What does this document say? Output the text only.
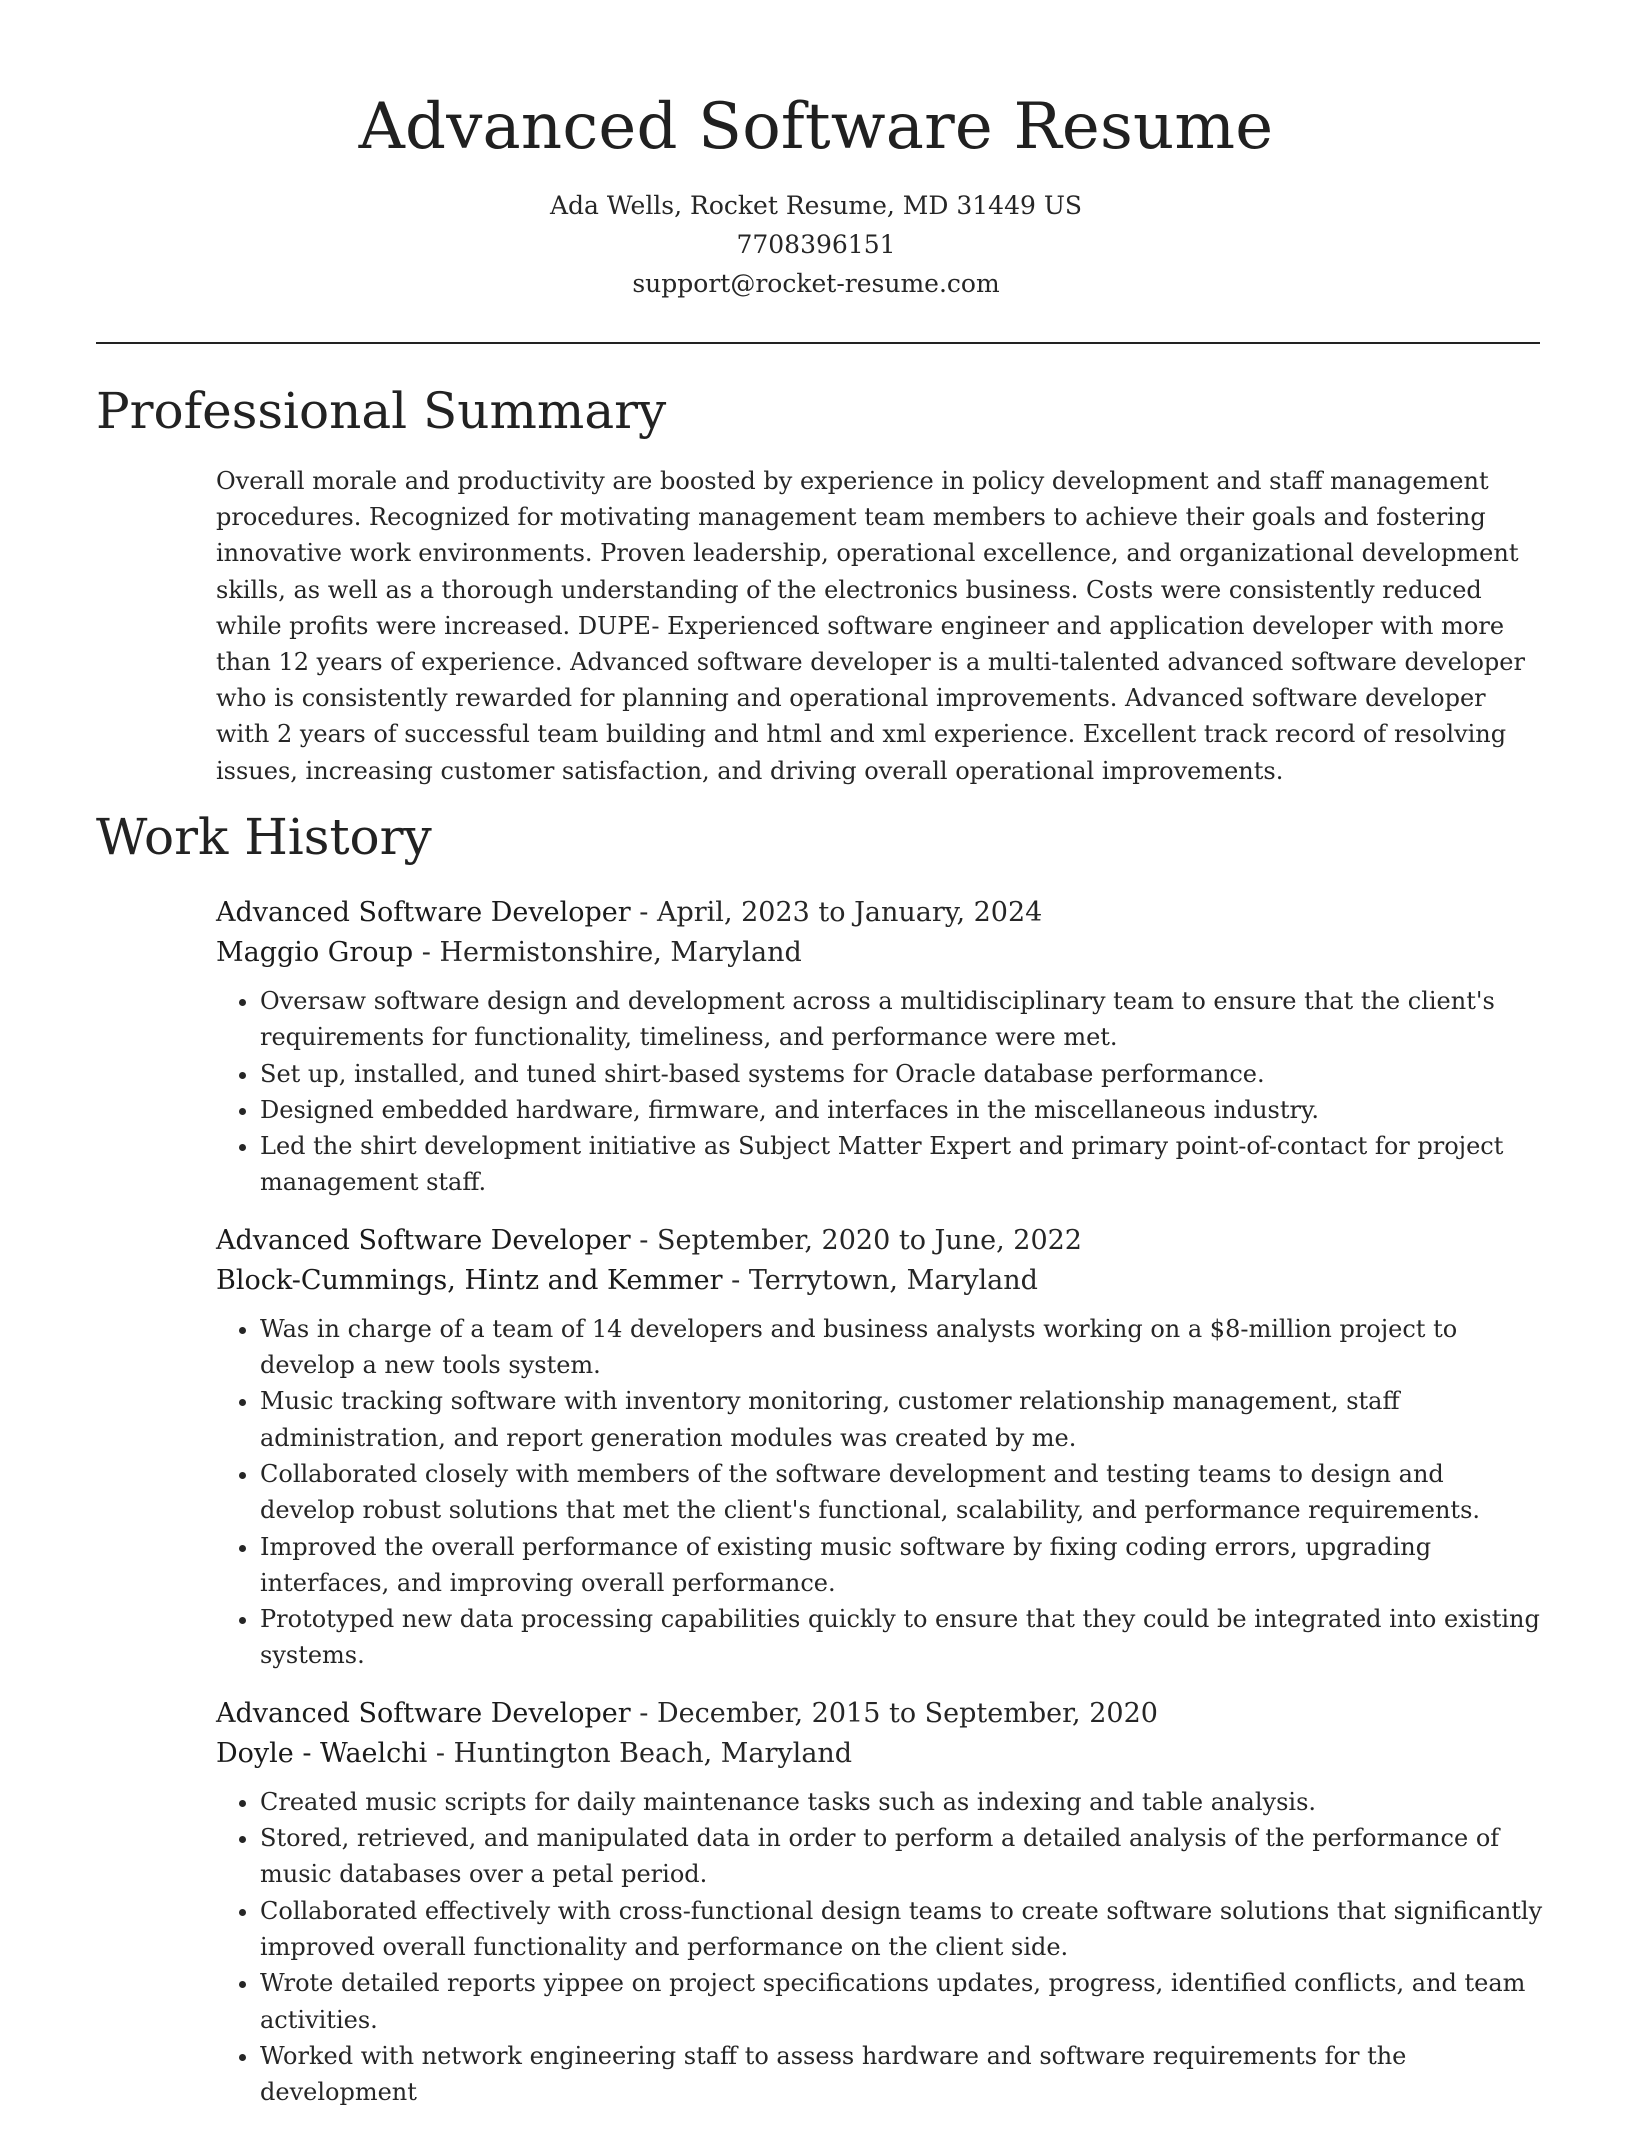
Advanced Software Resume

Ada Wells, Rocket Resume, MD 31449 US

7708396151

support@rocket-resume.com

Professional Summary

Overall morale and productivity are boosted by experience in policy development and staff management procedures. Recognized for motivating management team members to achieve their goals and fostering innovative work environments. Proven leadership, operational excellence, and organizational development skills, as well as a thorough understanding of the electronics business. Costs were consistently reduced while profits were increased. DUPE- Experienced software engineer and application developer with more than 12 years of experience. Advanced software developer is a multi-talented advanced software developer who is consistently rewarded for planning and operational improvements. Advanced software developer with 2 years of successful team building and html and xml experience. Excellent track record of resolving issues, increasing customer satisfaction, and driving overall operational improvements.

Work History

Advanced Software Developer - April, 2023 to January, 2024

Maggio Group - Hermistonshire, Maryland

• Oversaw software design and development across a multidisciplinary team to ensure that the client's requirements for functionality, timeliness, and performance were met.
• Set up, installed, and tuned shirt-based systems for Oracle database performance.
• Designed embedded hardware, firmware, and interfaces in the miscellaneous industry.
• Led the shirt development initiative as Subject Matter Expert and primary point-of-contact for project management staff.

Advanced Software Developer - September, 2020 to June, 2022

Block-Cummings, Hintz and Kemmer - Terrytown, Maryland

• Was in charge of a team of 14 developers and business analysts working on a $8-million project to develop a new tools system.
• Music tracking software with inventory monitoring, customer relationship management, staff administration, and report generation modules was created by me.
• Collaborated closely with members of the software development and testing teams to design and develop robust solutions that met the client's functional, scalability, and performance requirements.
• Improved the overall performance of existing music software by fixing coding errors, upgrading interfaces, and improving overall performance.
• Prototyped new data processing capabilities quickly to ensure that they could be integrated into existing systems.

Advanced Software Developer - December, 2015 to September, 2020

Doyle - Waelchi - Huntington Beach, Maryland

• Created music scripts for daily maintenance tasks such as indexing and table analysis.
• Stored, retrieved, and manipulated data in order to perform a detailed analysis of the performance of music databases over a petal period.
• Collaborated effectively with cross-functional design teams to create software solutions that significantly improved overall functionality and performance on the client side.
• Wrote detailed reports yippee on project specifications updates, progress, identified conflicts, and team activities.
• Worked with network engineering staff to assess hardware and software requirements for the development
